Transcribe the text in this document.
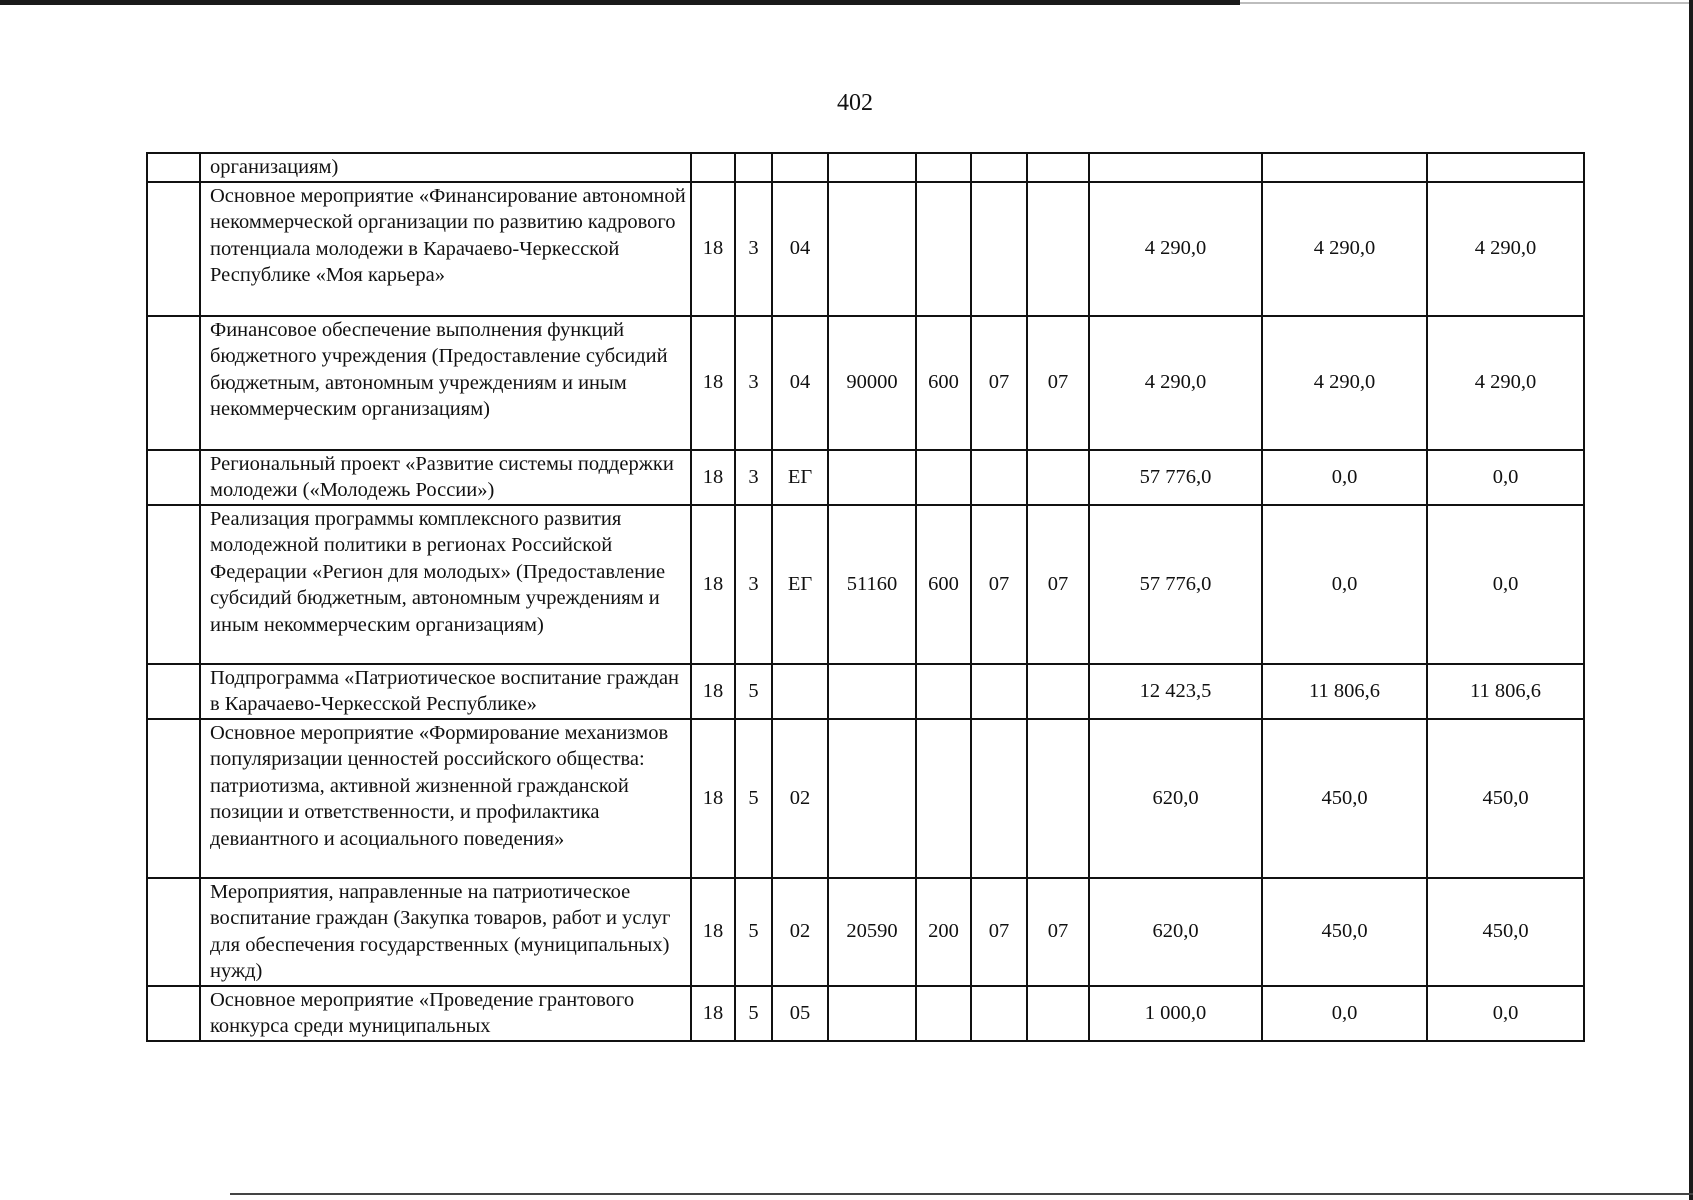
402
	организациям)										
	Основное мероприятие «Финансирование автономной некоммерческой организации по развитию кадрового потенциала молодежи в Карачаево-Черкесской Республике «Моя карьера»	18	3	04					4 290,0	4 290,0	4 290,0
	Финансовое обеспечение выполнения функций бюджетного учреждения (Предоставление субсидий бюджетным, автономным учреждениям и иным некоммерческим организациям)	18	3	04	90000	600	07	07	4 290,0	4 290,0	4 290,0
	Региональный проект «Развитие системы поддержки молодежи («Молодежь России»)	18	3	ЕГ					57 776,0	0,0	0,0
	Реализация программы комплексного развития молодежной политики в регионах Российской Федерации «Регион для молодых» (Предоставление субсидий бюджетным, автономным учреждениям и иным некоммерческим организациям)	18	3	ЕГ	51160	600	07	07	57 776,0	0,0	0,0
	Подпрограмма «Патриотическое воспитание граждан в Карачаево-Черкесской Республике»	18	5						12 423,5	11 806,6	11 806,6
	Основное мероприятие «Формирование механизмов популяризации ценностей российского общества: патриотизма, активной жизненной гражданской позиции и ответственности, и профилактика девиантного и асоциального поведения»	18	5	02					620,0	450,0	450,0
	Мероприятия, направленные на патриотическое воспитание граждан (Закупка товаров, работ и услуг для обеспечения государственных (муниципальных) нужд)	18	5	02	20590	200	07	07	620,0	450,0	450,0
	Основное мероприятие «Проведение грантового конкурса среди муниципальных	18	5	05					1 000,0	0,0	0,0
